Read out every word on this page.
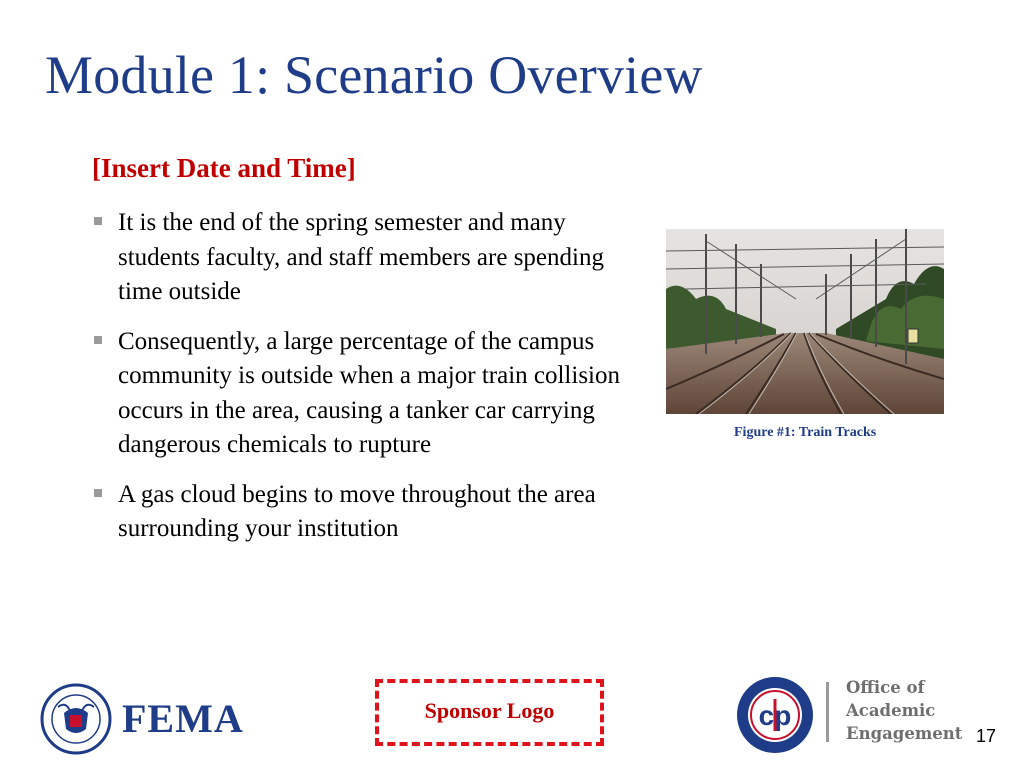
Module 1: Scenario Overview
[Insert Date and Time]
It is the end of the spring semester and many students faculty, and staff members are spending time outside
Consequently, a large percentage of the campus community is outside when a major train collision occurs in the area, causing a tanker car carrying dangerous chemicals to rupture
A gas cloud begins to move throughout the area surrounding your institution
Figure #1: Train Tracks
FEMA	Sponsor Logo	cp
Office of
Academic
Engagement 17
